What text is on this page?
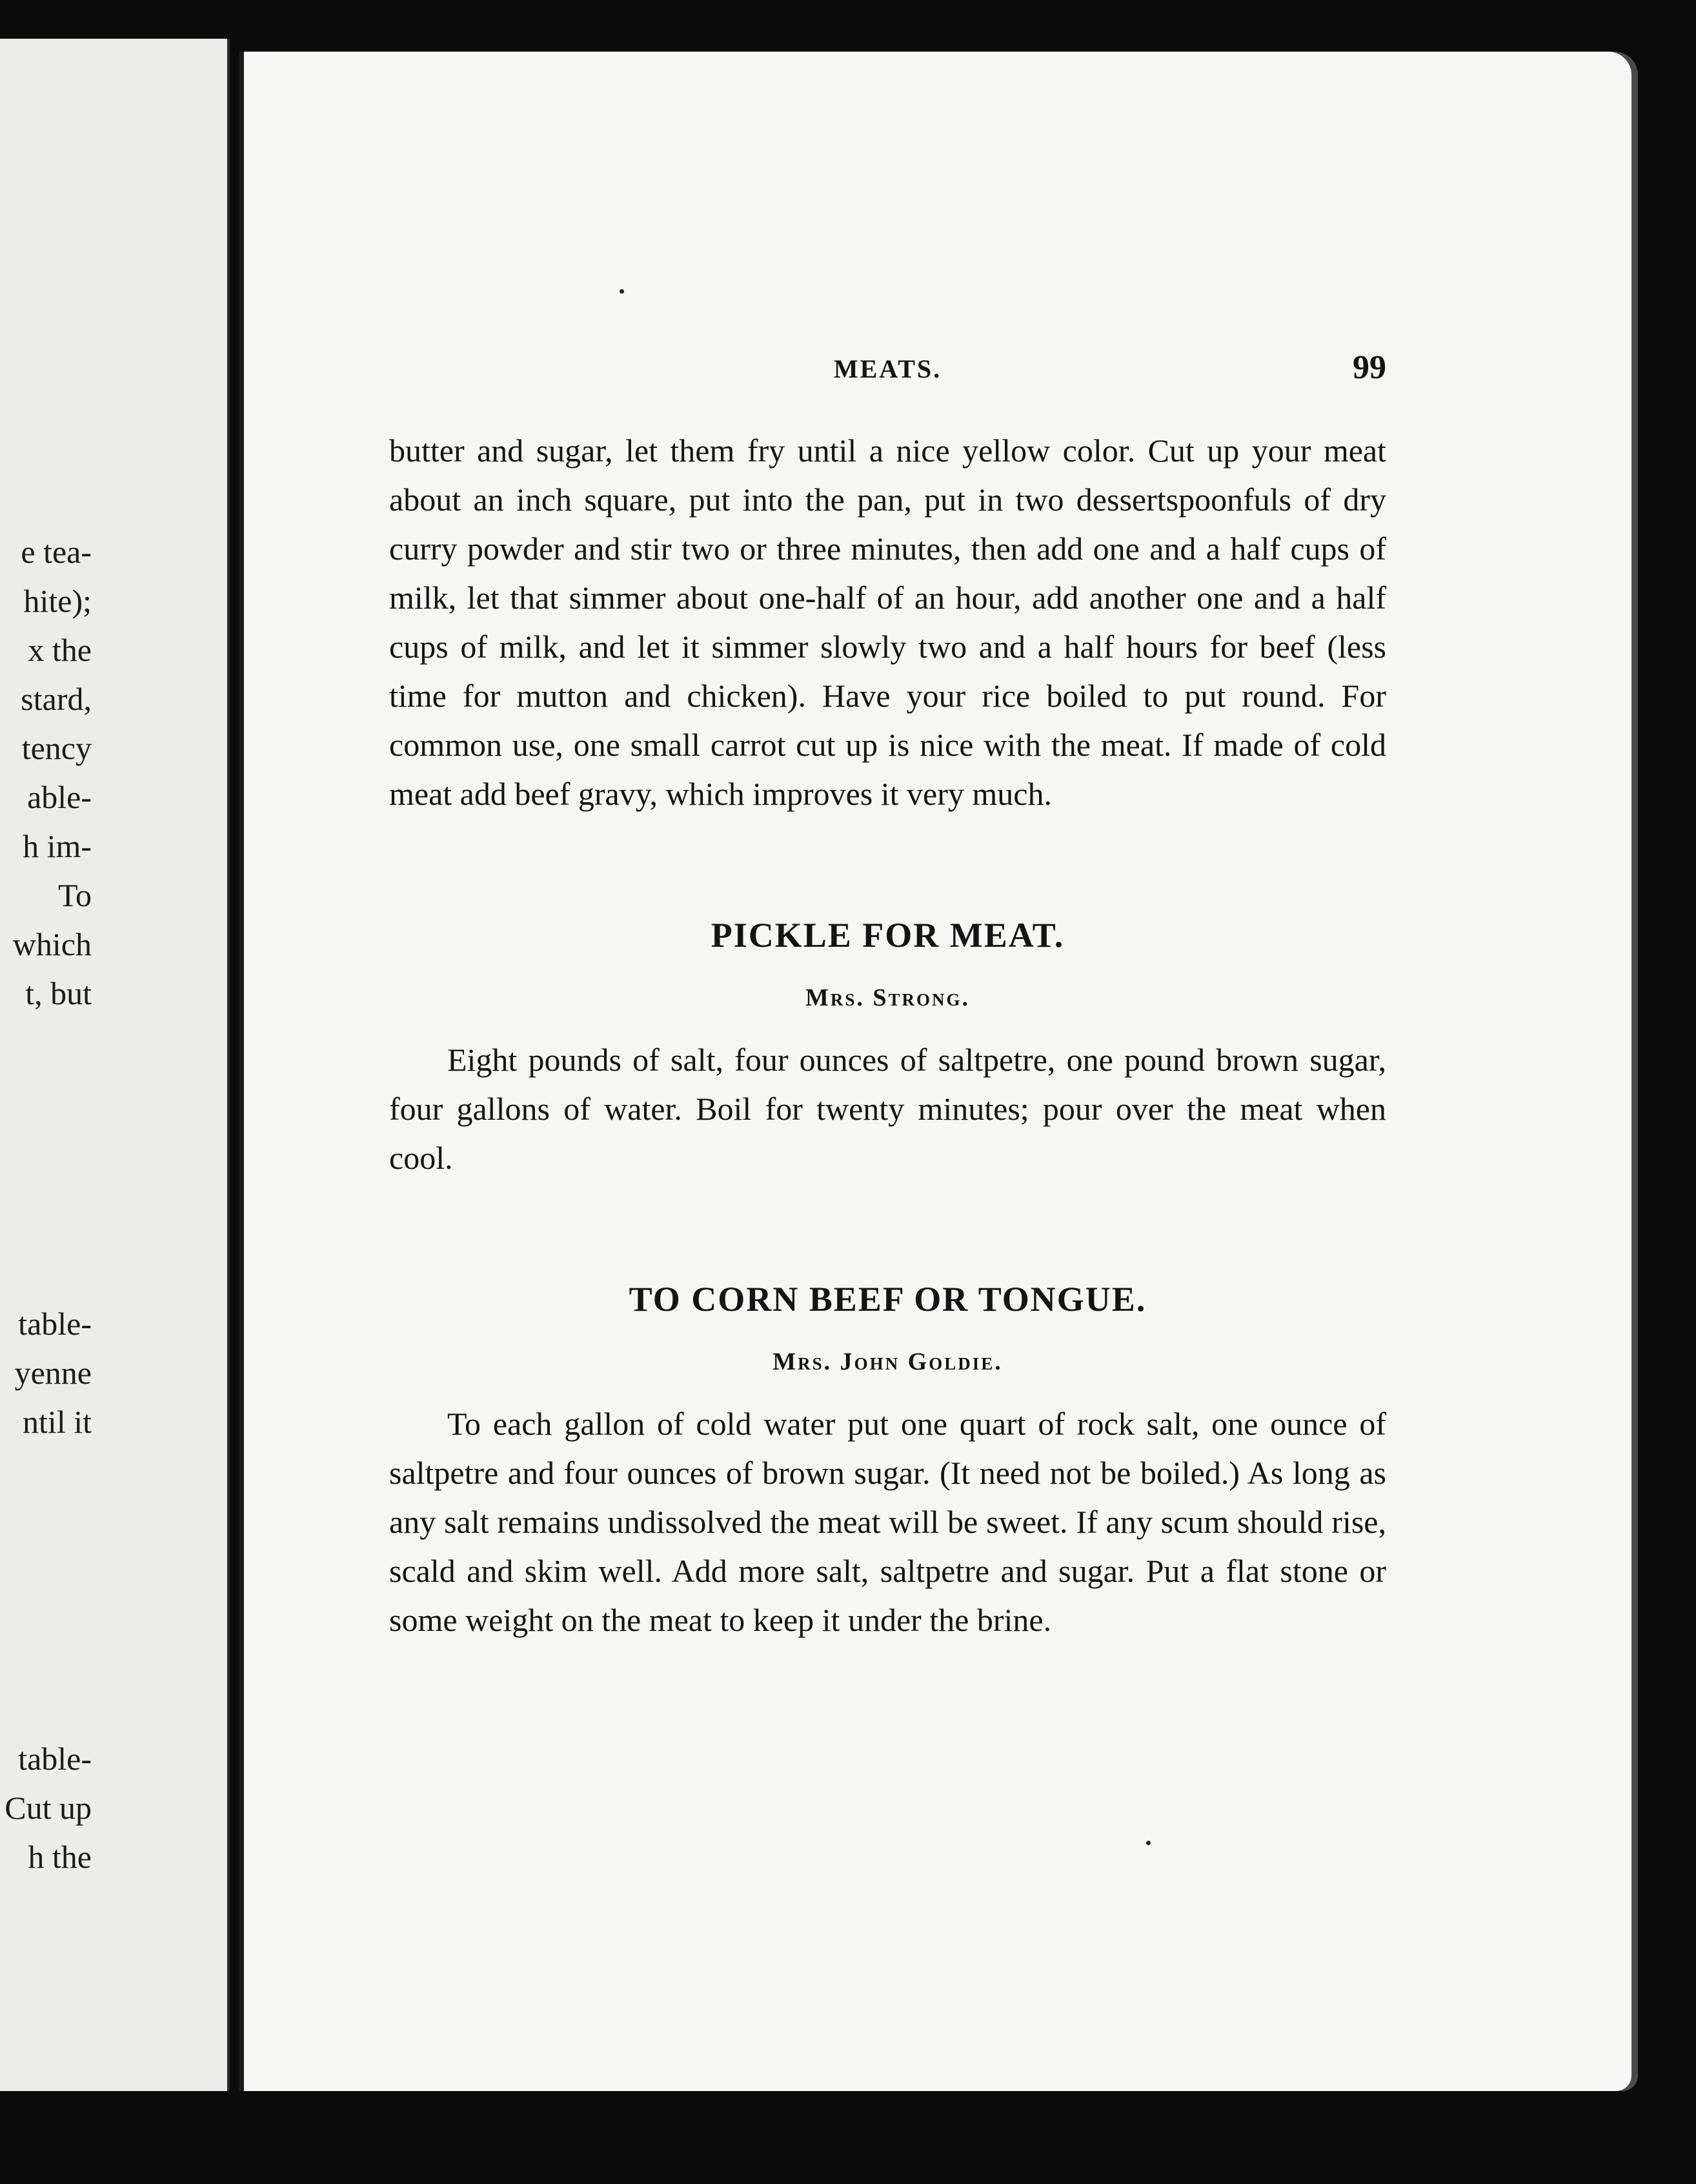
e tea-
hite);
x the
stard,
tency
able-
h im-
To
which
t, but
table-
yenne
ntil it
table-
Cut up
h the
MEATS.	99

butter and sugar, let them fry until a nice yellow color. Cut up your meat about an inch square, put into the pan, put in two dessertspoonfuls of dry curry powder and stir two or three minutes, then add one and a half cups of milk, let that simmer about one-half of an hour, add another one and a half cups of milk, and let it simmer slowly two and a half hours for beef (less time for mutton and chicken). Have your rice boiled to put round. For common use, one small carrot cut up is nice with the meat. If made of cold meat add beef gravy, which improves it very much.

PICKLE FOR MEAT.
Mrs. Strong.

Eight pounds of salt, four ounces of saltpetre, one pound brown sugar, four gallons of water. Boil for twenty minutes; pour over the meat when cool.

TO CORN BEEF OR TONGUE.
Mrs. John Goldie.

To each gallon of cold water put one quart of rock salt, one ounce of saltpetre and four ounces of brown sugar. (It need not be boiled.) As long as any salt remains undissolved the meat will be sweet. If any scum should rise, scald and skim well. Add more salt, saltpetre and sugar. Put a flat stone or some weight on the meat to keep it under the brine.
